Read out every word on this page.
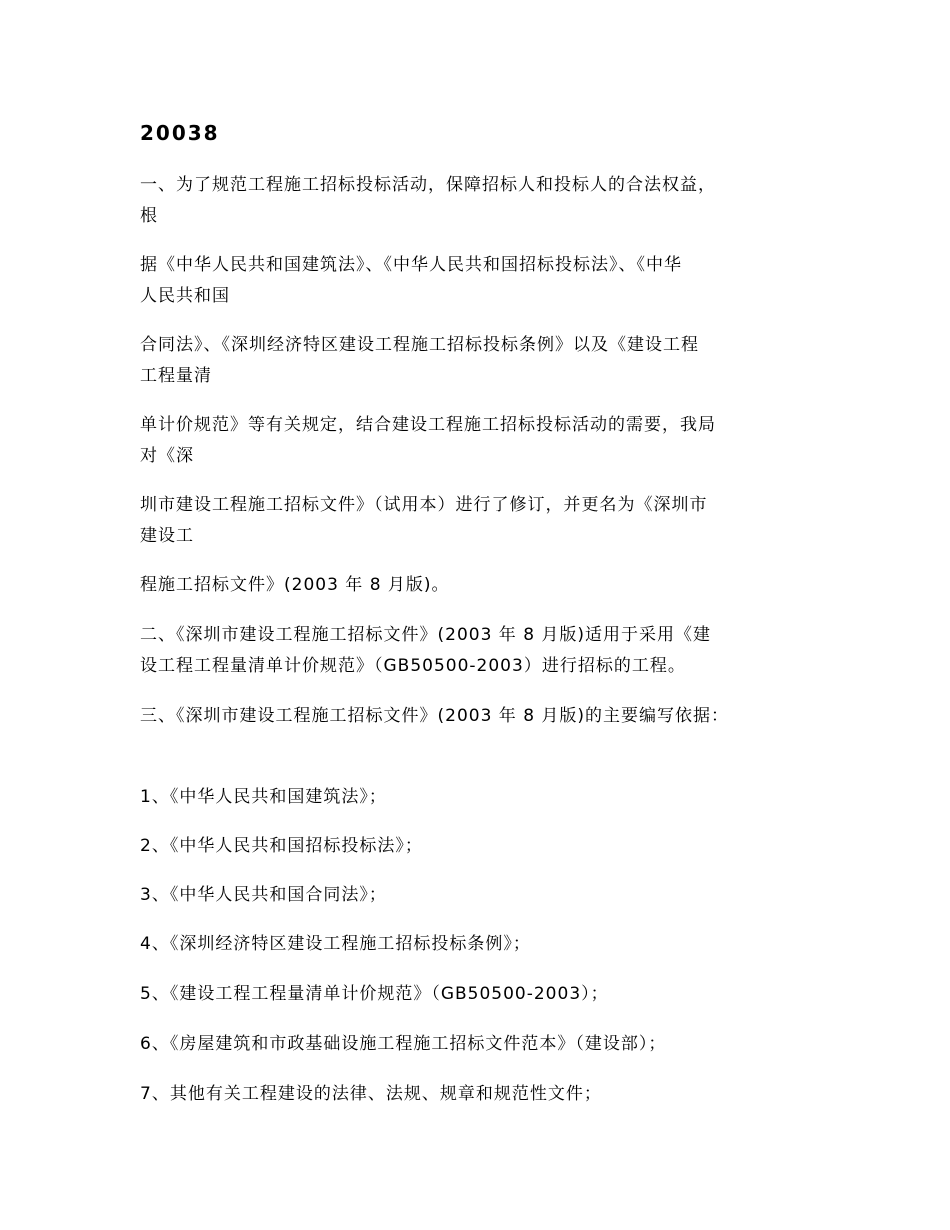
20038

一、为了规范工程施工招标投标活动，保障招标人和投标人的合法权益，
根

据《中华人民共和国建筑法》、《中华人民共和国招标投标法》、《中华
人民共和国

合同法》、《深圳经济特区建设工程施工招标投标条例》以及《建设工程
工程量清

单计价规范》等有关规定，结合建设工程施工招标投标活动的需要，我局
对《深

圳市建设工程施工招标文件》（试用本）进行了修订，并更名为《深圳市
建设工

程施工招标文件》(2003 年 8 月版)。

二、《深圳市建设工程施工招标文件》(2003 年 8 月版)适用于采用《建
设工程工程量清单计价规范》（GB50500-2003）进行招标的工程。

三、《深圳市建设工程施工招标文件》(2003 年 8 月版)的主要编写依据：

1、《中华人民共和国建筑法》；

2、《中华人民共和国招标投标法》；

3、《中华人民共和国合同法》；

4、《深圳经济特区建设工程施工招标投标条例》；

5、《建设工程工程量清单计价规范》（GB50500-2003）；

6、《房屋建筑和市政基础设施工程施工招标文件范本》（建设部）；

7、其他有关工程建设的法律、法规、规章和规范性文件；
